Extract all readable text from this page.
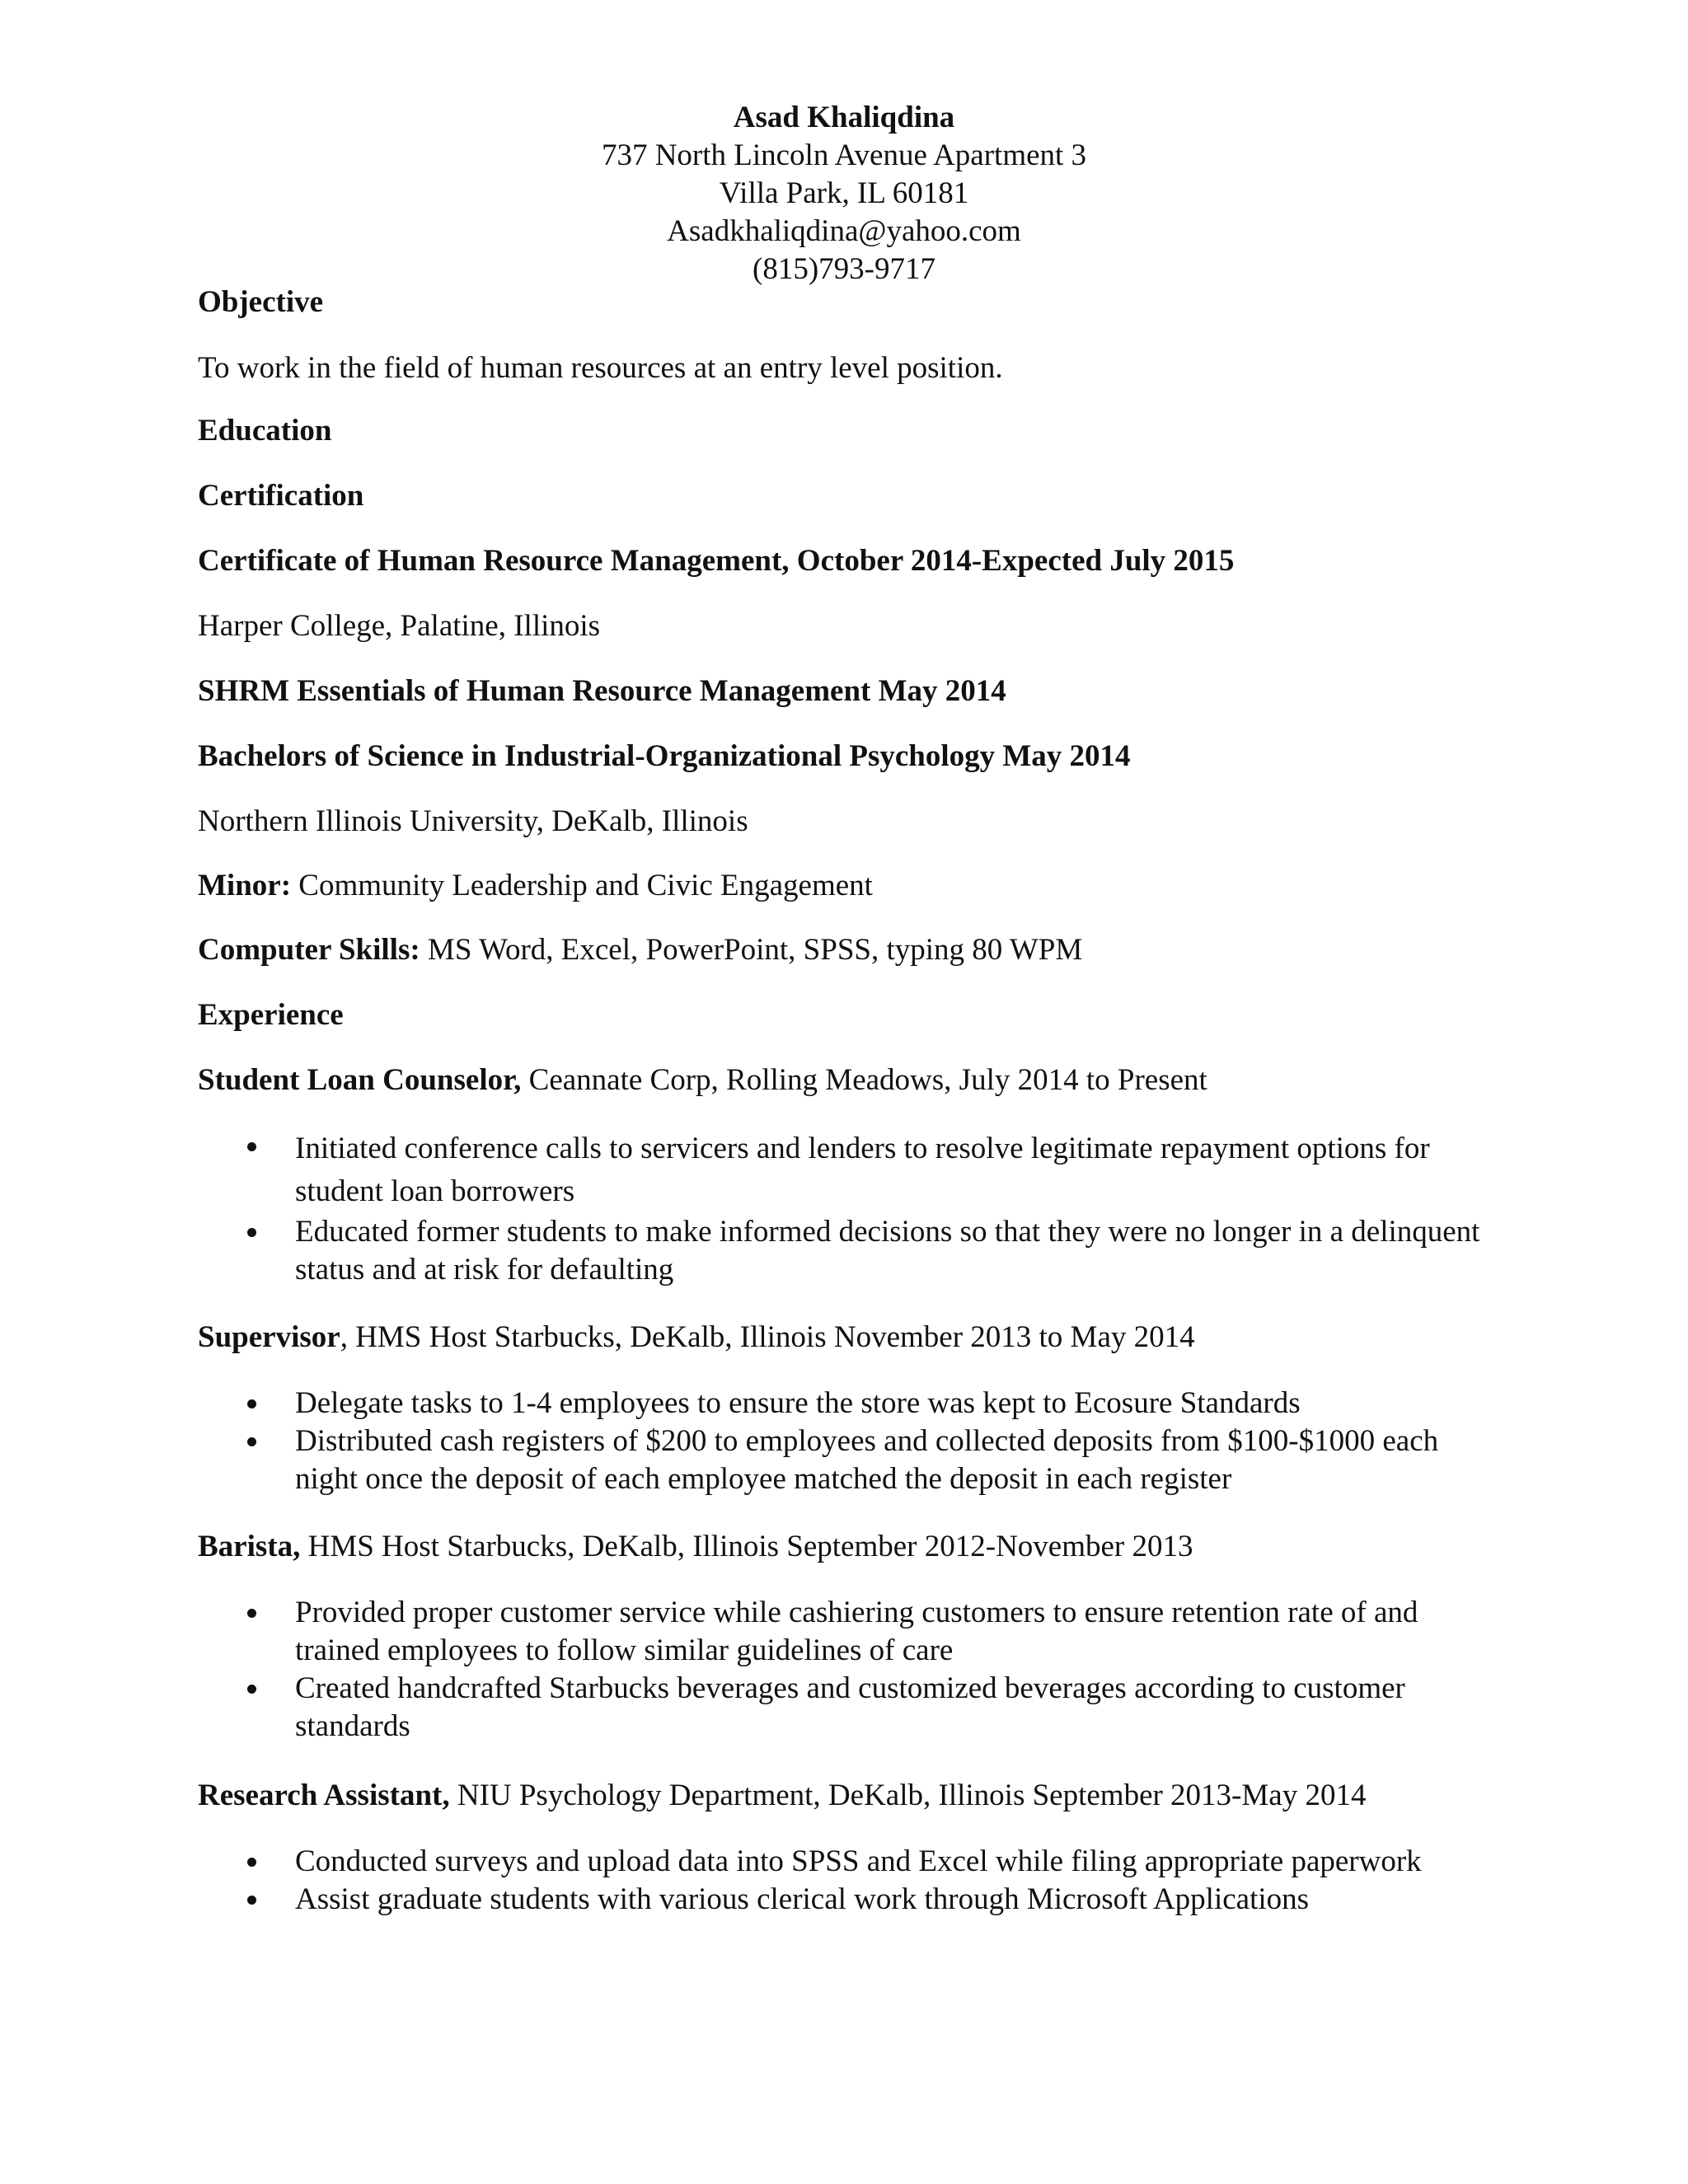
Asad Khaliqdina
737 North Lincoln Avenue Apartment 3
Villa Park, IL 60181
Asadkhaliqdina@yahoo.com
(815)793-9717
Objective
To work in the field of human resources at an entry level position.
Education
Certification
Certificate of Human Resource Management, October 2014-Expected July 2015
Harper College, Palatine, Illinois
SHRM Essentials of Human Resource Management May 2014
Bachelors of Science in Industrial-Organizational Psychology May 2014
Northern Illinois University, DeKalb, Illinois
Minor: Community Leadership and Civic Engagement
Computer Skills: MS Word, Excel, PowerPoint, SPSS, typing 80 WPM
Experience
Student Loan Counselor, Ceannate Corp, Rolling Meadows, July 2014 to Present
Initiated conference calls to servicers and lenders to resolve legitimate repayment options for student loan borrowers
Educated former students to make informed decisions so that they were no longer in a delinquent status and at risk for defaulting
Supervisor, HMS Host Starbucks, DeKalb, Illinois November 2013 to May 2014
Delegate tasks to 1-4 employees to ensure the store was kept to Ecosure Standards
Distributed cash registers of $200 to employees and collected deposits from $100-$1000 each night once the deposit of each employee matched the deposit in each register
Barista, HMS Host Starbucks, DeKalb, Illinois September 2012-November 2013
Provided proper customer service while cashiering customers to ensure retention rate of and trained employees to follow similar guidelines of care
Created handcrafted Starbucks beverages and customized beverages according to customer standards
Research Assistant, NIU Psychology Department, DeKalb, Illinois September 2013-May 2014
Conducted surveys and upload data into SPSS and Excel while filing appropriate paperwork
Assist graduate students with various clerical work through Microsoft Applications
